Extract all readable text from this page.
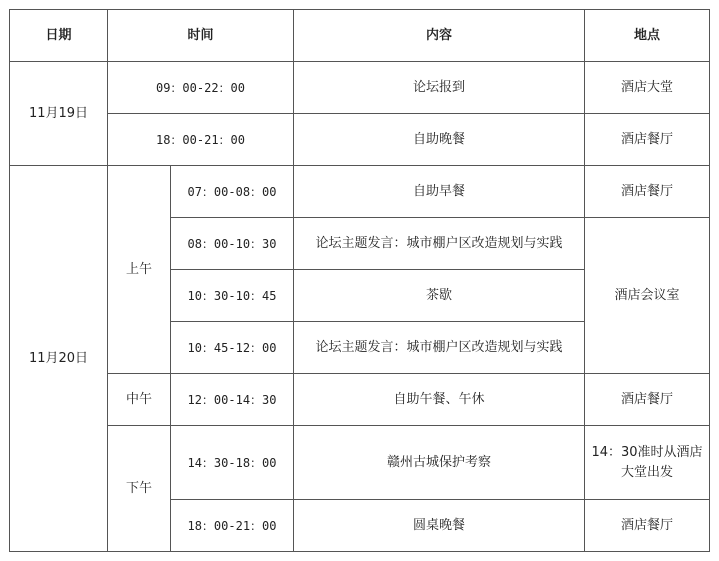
日期	时间		内容	地点
11月19日	09：00-22：00		论坛报到	酒店大堂
	18：00-21：00		自助晚餐	酒店餐厅
11月20日	上午	07：00-08：00	自助早餐	酒店餐厅
		08：00-10：30	论坛主题发言：城市棚户区改造规划与实践	酒店会议室
		10：30-10：45	茶歇	
		10：45-12：00	论坛主题发言：城市棚户区改造规划与实践	
	中午	12：00-14：30	自助午餐、午休	酒店餐厅
	下午	14：30-18：00	赣州古城保护考察	14：30准时从酒店大堂出发
		18：00-21：00	圆桌晚餐	酒店餐厅
